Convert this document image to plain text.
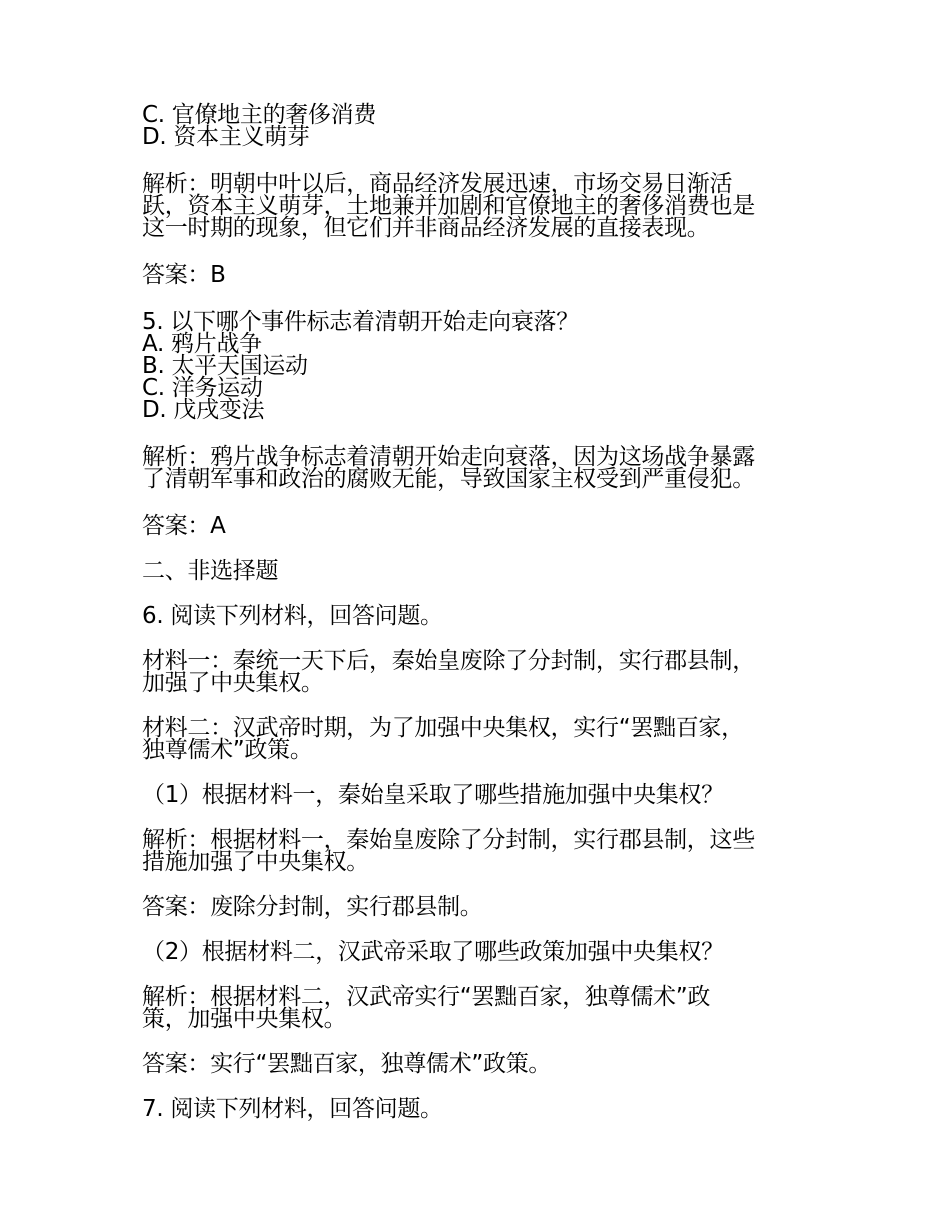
C. 官僚地主的奢侈消费
D. 资本主义萌芽
解析：明朝中叶以后，商品经济发展迅速，市场交易日渐活
跃，资本主义萌芽，土地兼并加剧和官僚地主的奢侈消费也是
这一时期的现象，但它们并非商品经济发展的直接表现。
答案：B
5. 以下哪个事件标志着清朝开始走向衰落？
A. 鸦片战争
B. 太平天国运动
C. 洋务运动
D. 戊戌变法
解析：鸦片战争标志着清朝开始走向衰落，因为这场战争暴露
了清朝军事和政治的腐败无能，导致国家主权受到严重侵犯。
答案：A
二、非选择题
6. 阅读下列材料，回答问题。
材料一：秦统一天下后，秦始皇废除了分封制，实行郡县制，
加强了中央集权。
材料二：汉武帝时期，为了加强中央集权，实行“罢黜百家，
独尊儒术”政策。
（1）根据材料一，秦始皇采取了哪些措施加强中央集权？
解析：根据材料一，秦始皇废除了分封制，实行郡县制，这些
措施加强了中央集权。
答案：废除分封制，实行郡县制。
（2）根据材料二，汉武帝采取了哪些政策加强中央集权？
解析：根据材料二，汉武帝实行“罢黜百家，独尊儒术”政
策，加强中央集权。
答案：实行“罢黜百家，独尊儒术”政策。
7. 阅读下列材料，回答问题。
